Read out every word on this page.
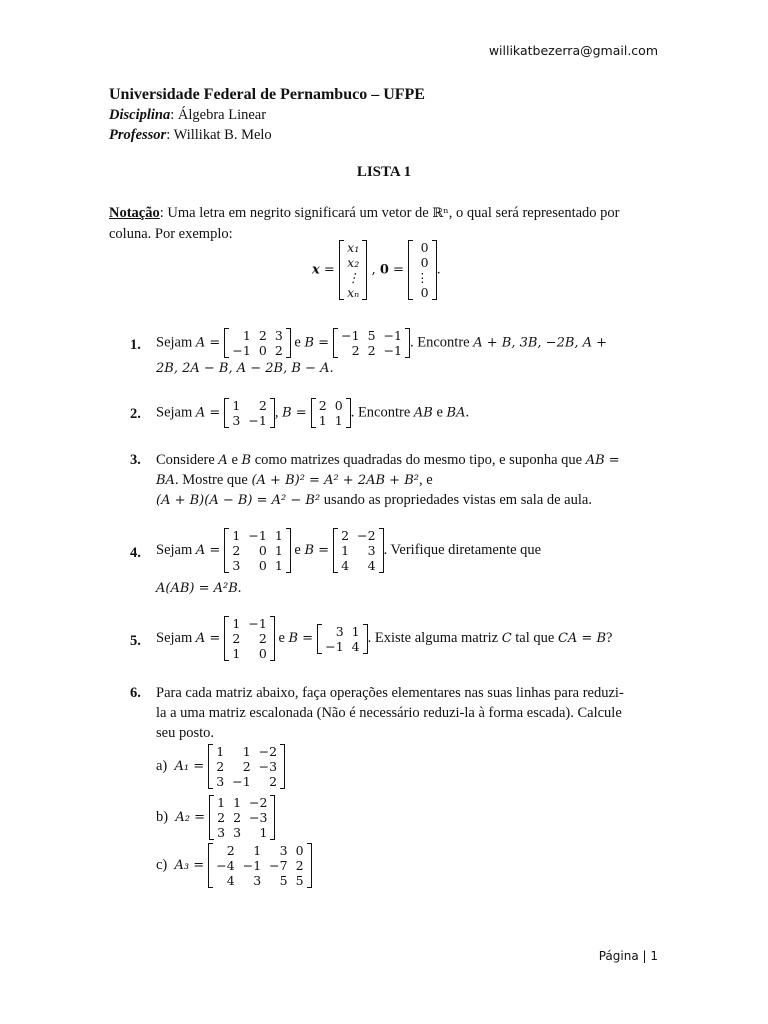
willikatbezerra@gmail.com
Universidade Federal de Pernambuco – UFPE
Disciplina: Álgebra Linear
Professor: Willikat B. Melo
LISTA 1
Notação: Uma letra em negrito significará um vetor de ℝⁿ, o qual será representado por coluna. Por exemplo:
x =
x₁
x₂
⋮
xₙ
, 0 =
0
0
⋮
0
.
1. Sejam A = 1	2	3
−1	0	2
e B = −1	5	−1
2	2	−1
. Encontre A + B, 3B, −2B, A +
2B, 2A − B, A − 2B, B − A.
2. Sejam A = 1	2
3	−1
, B = 2	0
1	1
. Encontre AB e BA.
3. Considere A e B como matrizes quadradas do mesmo tipo, e suponha que AB =
BA. Mostre que (A + B)² = A² + 2AB + B², e
(A + B)(A − B) = A² − B² usando as propriedades vistas em sala de aula.
4. Sejam A =
1	−1	1
2	0	1
3	0	1
e B =
2	−2
1	3
4	4
. Verifique diretamente que
A(AB) = A²B.
5. Sejam A =
1	−1
2	2
1	0
e B = 3	1
−1	4
. Existe alguma matriz C tal que CA = B?
6. Para cada matriz abaixo, faça operações elementares nas suas linhas para reduzi-
la a uma matriz escalonada (Não é necessário reduzi-la à forma escada). Calcule
seu posto.
a) A₁ =
1	1	−2
2	2	−3
3	−1	2
b) A₂ =
1	1	−2
2	2	−3
3	3	1
c) A₃ =
2	1	3	0
−4	−1	−7	2
4	3	5	5
Página | 1
